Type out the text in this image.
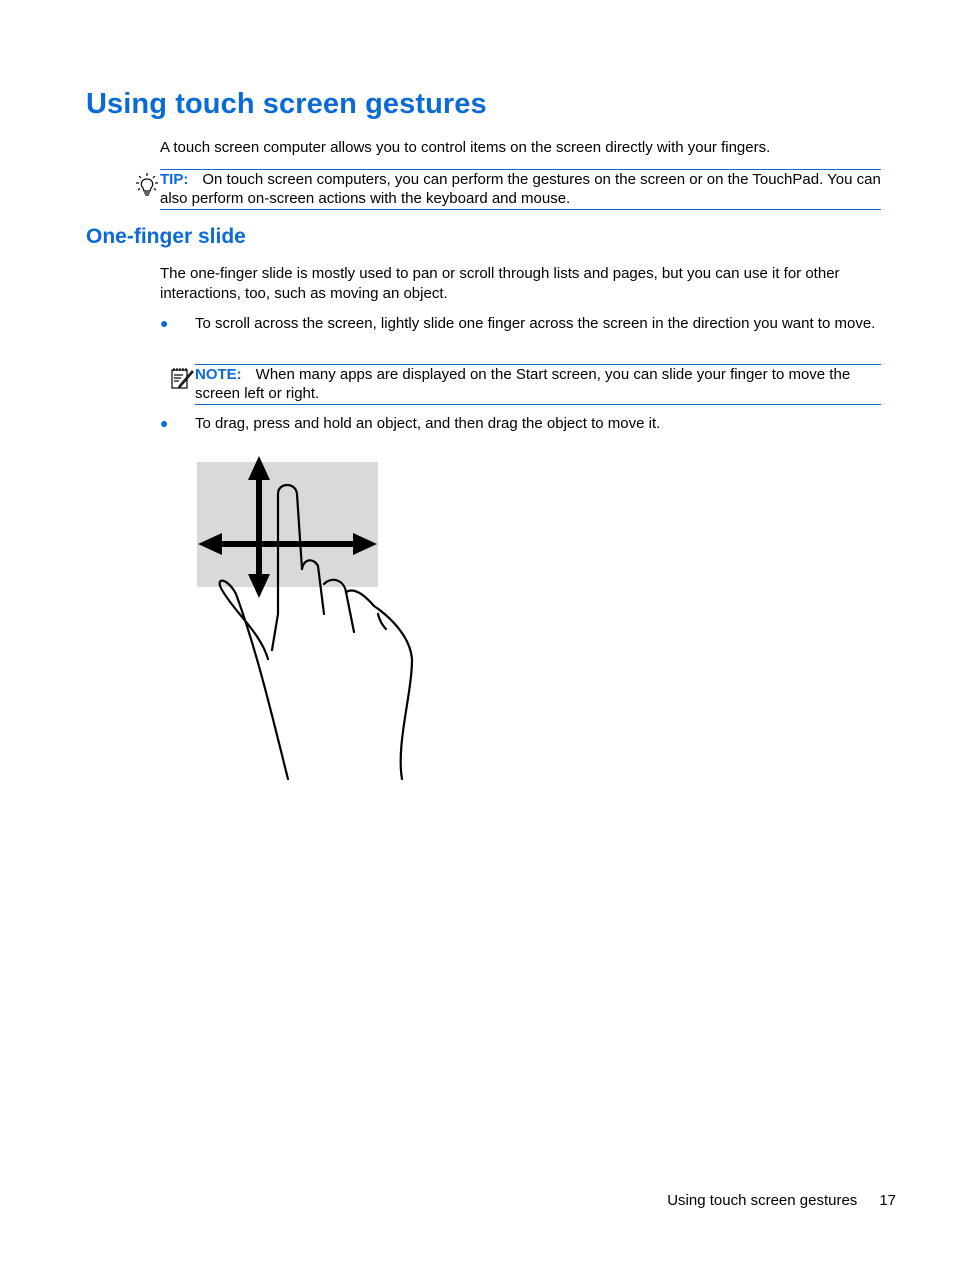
Using touch screen gestures

A touch screen computer allows you to control items on the screen directly with your fingers.

TIP: On touch screen computers, you can perform the gestures on the screen or on the TouchPad. You can also perform on-screen actions with the keyboard and mouse.
One-finger slide

The one-finger slide is mostly used to pan or scroll through lists and pages, but you can use it for other interactions, too, such as moving an object.

● To scroll across the screen, lightly slide one finger across the screen in the direction you want to move.
NOTE: When many apps are displayed on the Start screen, you can slide your finger to move the screen left or right.
● To drag, press and hold an object, and then drag the object to move it.
Using touch screen gestures 17
